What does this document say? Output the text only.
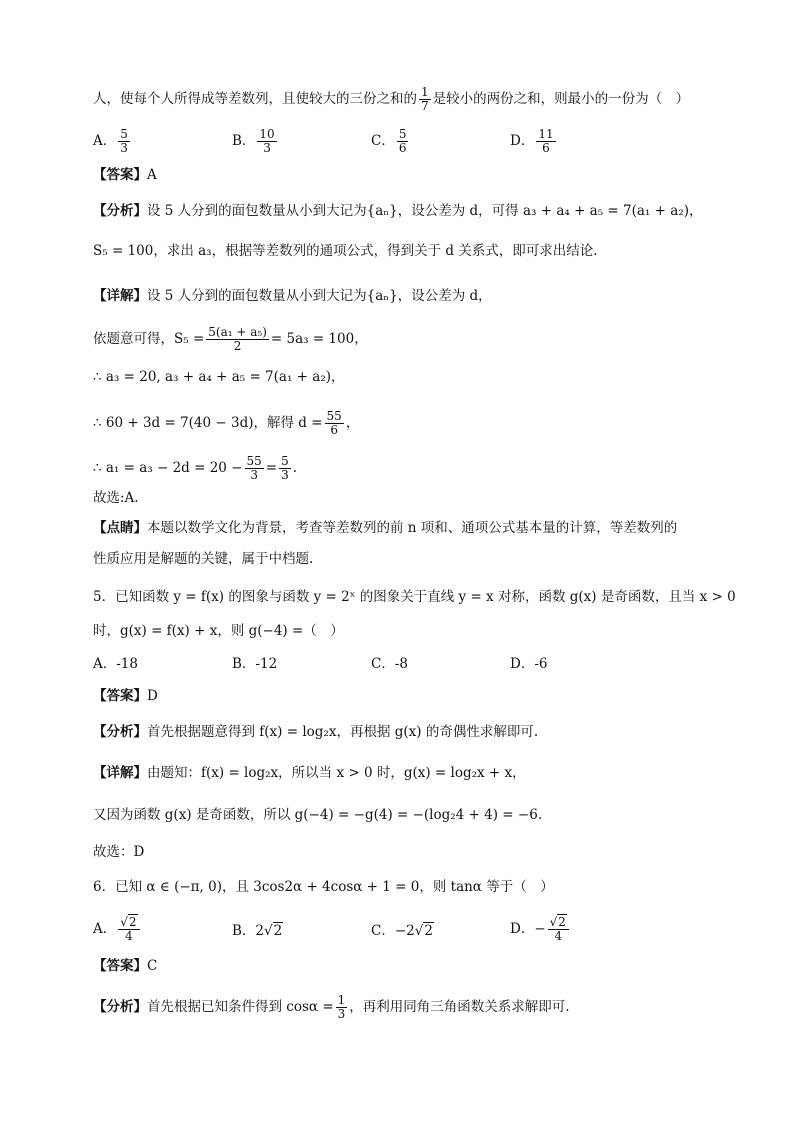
人，使每个人所得成等差数列，且使较大的三份之和的 $\frac{1}{7}$ 是较小的两份之和，则最小的一份为（　）
A． $\frac{5}{3}$	B． $\frac{10}{3}$	C． $\frac{5}{6}$	D． $\frac{11}{6}$
【答案】A
【分析】设 5 人分到的面包数量从小到大记为{aₙ}，设公差为 d，可得 a₃ + a₄ + a₅ = 7(a₁ + a₂)，
S₅ = 100，求出 a₃，根据等差数列的通项公式，得到关于 d 关系式，即可求出结论.
【详解】设 5 人分到的面包数量从小到大记为{aₙ}，设公差为 d，
依题意可得，$S_5 = \frac{\text{5(a₁ + a₅)}}{2} = 5a_3 = 100$，
∴ a₃ = 20, a₃ + a₄ + a₅ = 7(a₁ + a₂)，
∴ 60 + 3d = 7(40 − 3d)，解得 $d = \frac{55}{6}$ ，
∴ $a_1 = a_3 - 2d = 20 - \frac{55}{3} = \frac{5}{3}$ .
故选:A.
【点睛】本题以数学文化为背景，考查等差数列的前 n 项和、通项公式基本量的计算，等差数列的
性质应用是解题的关键，属于中档题.
5．已知函数 y = f(x) 的图象与函数 y = 2ˣ 的图象关于直线 y = x 对称，函数 g(x) 是奇函数，且当 x > 0
时，g(x) = f(x) + x，则 g(−4) =（　）
A．-18	B．-12	C．-8	D．-6
【答案】D
【分析】首先根据题意得到 f(x) = log₂x，再根据 g(x) 的奇偶性求解即可.
【详解】由题知：f(x) = log₂x，所以当 x > 0 时，g(x) = log₂x + x，
又因为函数 g(x) 是奇函数，所以 g(−4) = −g(4) = −(log₂4 + 4) = −6.
故选：D
6．已知 α ∈ (−π, 0)，且 3cos2α + 4cosα + 1 = 0，则 tanα 等于（　）
A． $\frac{√2}{4}$	B．2√2	C．−2√2	D．− $\frac{√2}{4}$
【答案】C
【分析】首先根据已知条件得到 $\cos\alpha = \frac{1}{3}$ ，再利用同角三角函数关系求解即可.
